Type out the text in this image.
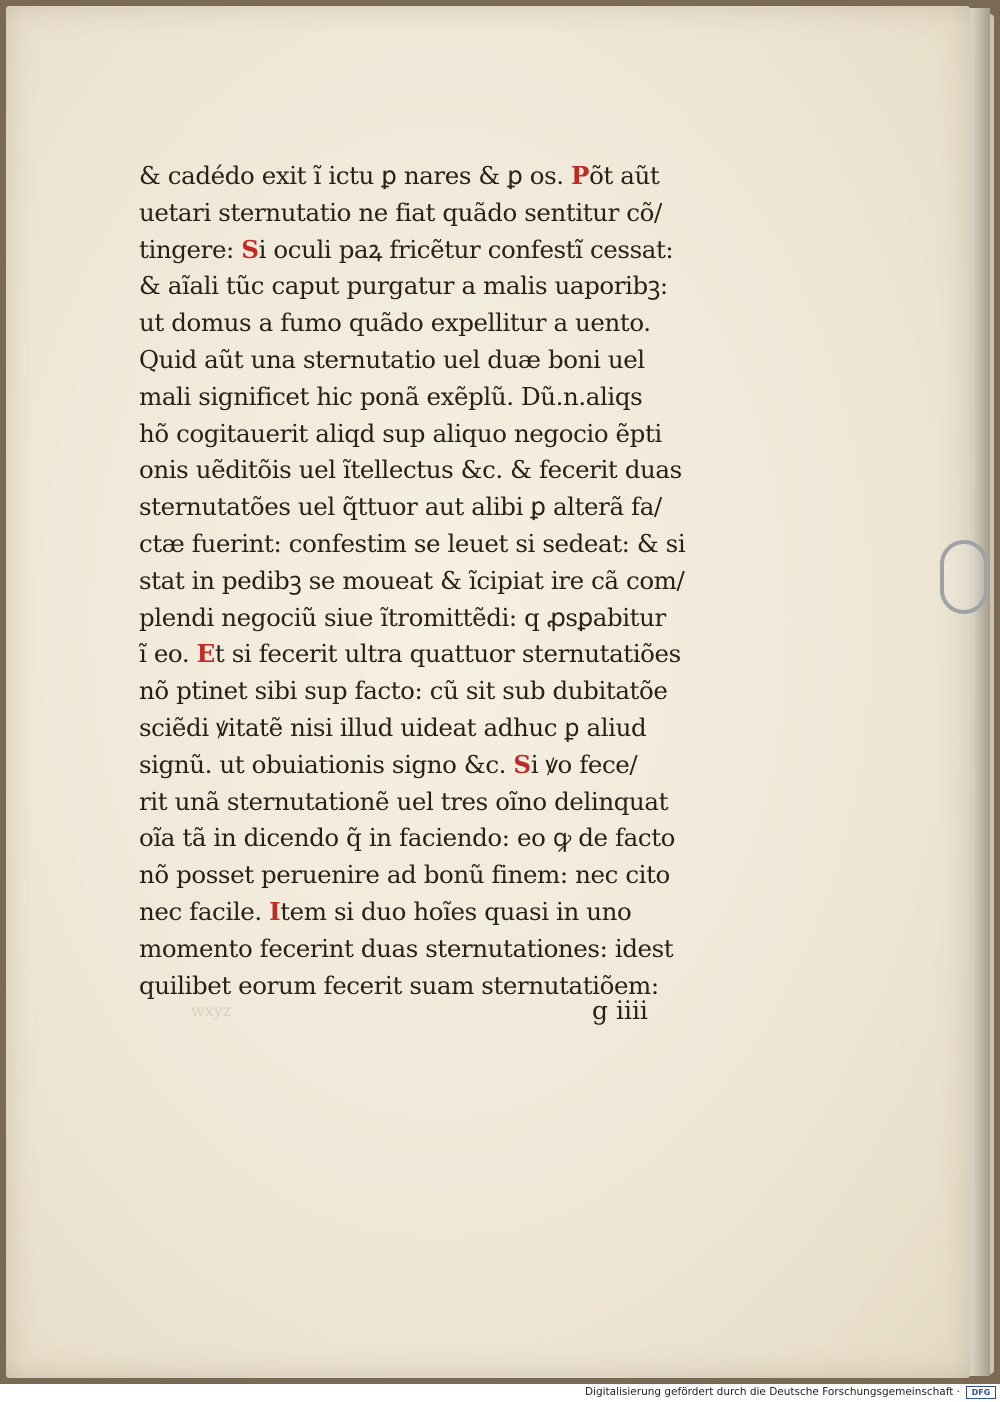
& cadédo exit ĩ ictu ꝑ nares & ꝑ os. Põt aũt
uetari sternutatio ne fiat quãdo sentitur cõ/
tingere: Si oculi paꝝ fricẽtur confestĩ cessat:
& aĩali tũc caput purgatur a malis uaporibꝫ:
ut domus a fumo quãdo expellitur a uento.
Quid aũt una sternutatio uel duæ boni uel
mali significet hic ponã exẽplũ. Dũ.n.aliqs
hõ cogitauerit aliqd sup aliquo negocio ẽpti
onis uẽditõis uel ĩtellectus &c. & fecerit duas
sternutatões uel q̃ttuor aut alibi ꝑ alterã fa/
ctæ fuerint: confestim se leuet si sedeat: & si
stat in pedibꝫ se moueat & ĩcipiat ire cã com/
plendi negociũ siue ĩtromittẽdi: q ꝓsꝑabitur
ĩ eo. Et si fecerit ultra quattuor sternutatiões
nõ ptinet sibi sup facto: cũ sit sub dubitatõe
sciẽdi ꝟitatẽ nisi illud uideat adhuc ꝑ aliud
signũ. ut obuiationis signo &c. Si ꝟo fece/
rit unã sternutationẽ uel tres oĩno delinquat
oĩa tã in dicendo q̃ in faciendo: eo ꝙ de facto
nõ posset peruenire ad bonũ finem: nec cito
nec facile. Item si duo hoĩes quasi in uno
momento fecerint duas sternutationes: idest
quilibet eorum fecerit suam sternutatiõem:
g iiii
wxyz
Digitalisierung gefördert durch die Deutsche Forschungsgemeinschaft ·	DFG
